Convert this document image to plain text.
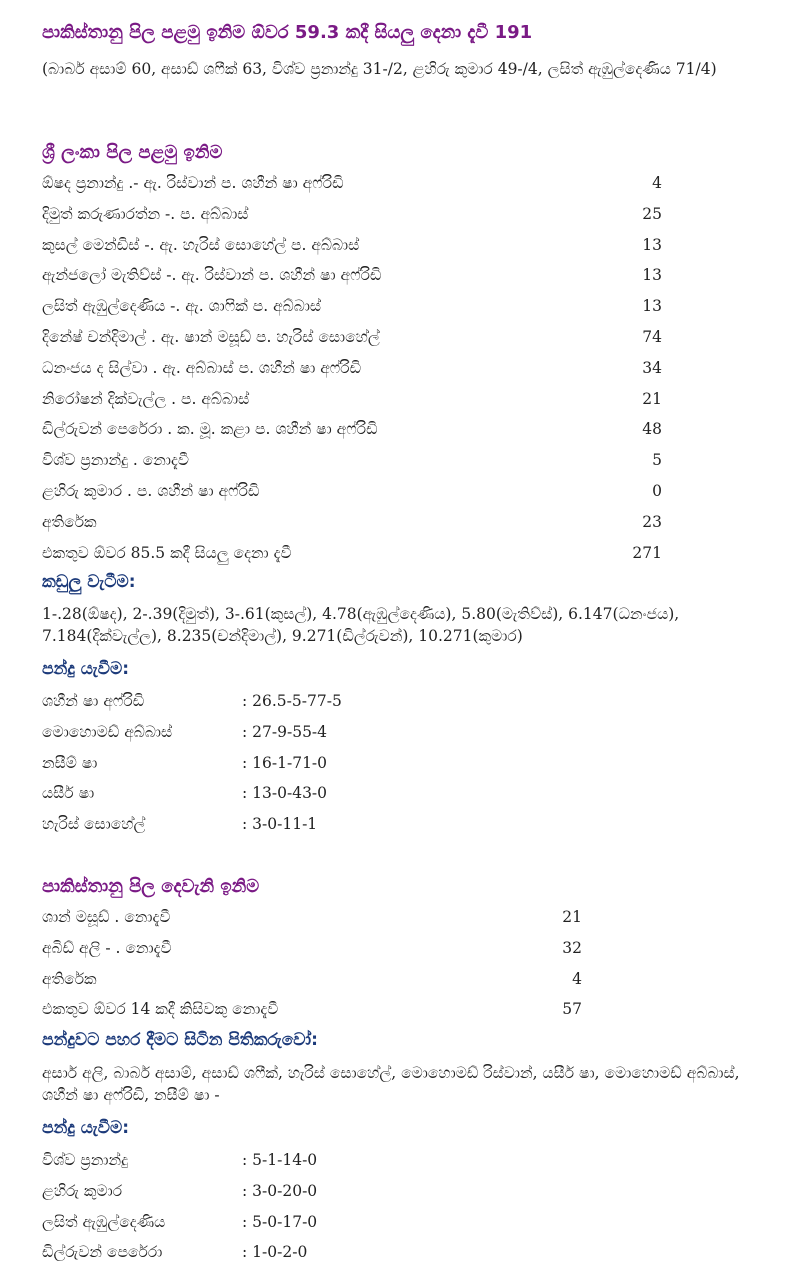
පාකිස්තානු පිල පළමු ඉනිම ඕවර 59.3 කදී සියලු දෙනා දැවී 191
(බාබර් අසාම් 60, අසාඩ් ශෆීක් 63, විශ්ව ප්‍රනාන්දු 31-/2, ළහිරු කුමාර 49-/4, ලසිත් ඇඹුල්දෙණිය 71/4)
ශ්‍රී ලංකා පිල පළමු ඉනිම
ඕෂද ප්‍රනාන්දු .- ඇ. රිස්වාන් ප. ශහීන් ෂා අෆ්රිඩි	4
දිමුත් කරුණාරත්න -. ප. අබ්බාස්	25
කුසල් මෙන්ඩිස් -. ඇ. හැරිස් සොහේල් ප. අබ්බාස්	13
ඇන්ජලෝ මැතිව්ස් -. ඇ. රිස්වාන් ප. ශහීන් ෂා අෆ්රිඩි	13
ලසිත් ඇඹුල්දෙණිය -. ඇ. ශාෆික් ප. අබ්බාස්	13
දිනේෂ් චන්දිමාල් . ඇ. ෂාන් මසූඩ් ප. හැරිස් සොහේල්	74
ධනංජය ද සිල්වා . ඇ. අබ්බාස් ප. ශහීන් ෂා අෆ්රිඩි	34
නිරෝෂන් දික්වැල්ල . ප. අබ්බාස්	21
ඩිල්රුවන් පෙරේරා . ක. මූ. කළා ප. ශහීන් ෂා අෆ්රිඩි	48
විශ්ව ප්‍රනාන්දු . නොදැවී	5
ළහිරු කුමාර . ප. ශහීන් ෂා අෆ්රිඩි	0
අතිරේක	23
එකතුව ඕවර 85.5 කදී සියලු දෙනා දැවී	271
කඩුලු වැටීම:
1-.28(ඕෂද), 2-.39(දිමුත්), 3-.61(කුසල්), 4.78(ඇඹුල්දෙණිය), 5.80(මැතිව්ස්), 6.147(ධනංජය), 7.184(දික්වැල්ල), 8.235(චන්දිමාල්), 9.271(ඩිල්රුවන්), 10.271(කුමාර)
පන්දු යැවීම:
ශහීන් ෂා අෆ්රිඩි	: 26.5-5-77-5
මොහොමඩ් අබ්බාස්	: 27-9-55-4
නසීම් ෂා	: 16-1-71-0
යසීර් ෂා	: 13-0-43-0
හැරිස් සොහේල්	: 3-0-11-1
පාකිස්තානු පිල දෙවැනි ඉනිම
ශාන් මසූඩ් . නොදැවී	21
අබිඩ් අලි - . නොදැවී	32
අතිරේක	4
එකතුව ඕවර 14 කදී කිසිවකු නොදැවී	57
පන්දුවට පහර දීමට සිටින පිතිකරුවෝ:
අසාර් අලි, බාබර් අසාම්, අසාඩ් ශෆීක්, හැරිස් සොහේල්, මොහොමඩ් රිස්වාන්, යසීර් ෂා, මොහොමඩ් අබ්බාස්, ශහීන් ෂා අෆ්රිඩි, නසීම් ෂා -
පන්දු යැවීම:
විශ්ව ප්‍රනාන්දු	: 5-1-14-0
ළහිරු කුමාර	: 3-0-20-0
ලසිත් ඇඹුල්දෙණිය	: 5-0-17-0
ඩිල්රුවන් පෙරේරා	: 1-0-2-0
